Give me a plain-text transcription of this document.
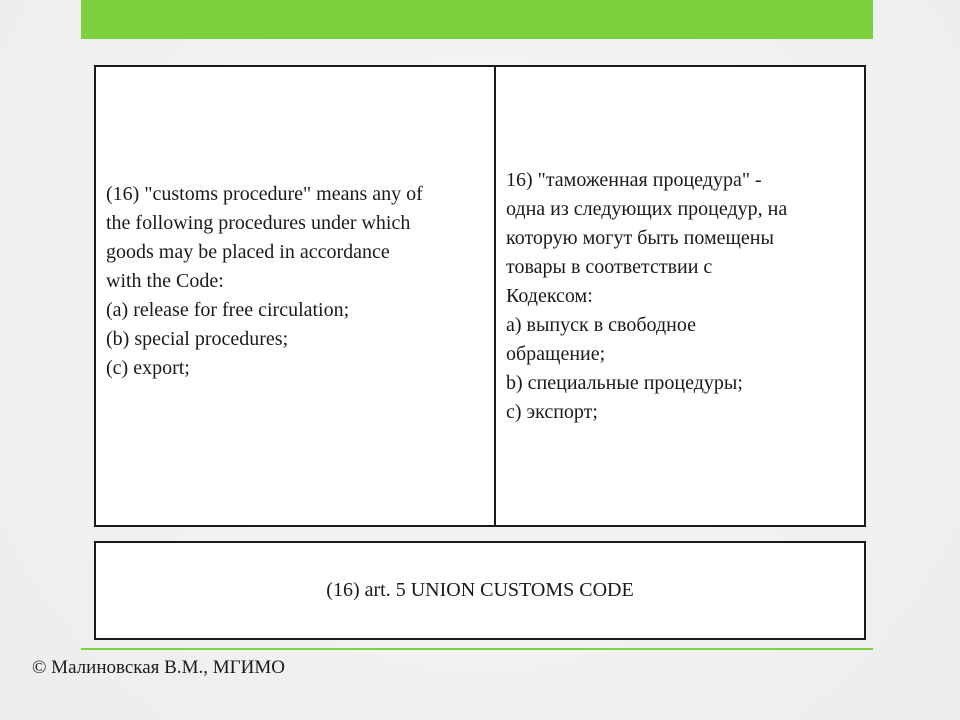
(16) "customs procedure" means any of

the following procedures under which

goods may be placed in accordance

with the Code:

(a) release for free circulation;

(b) special procedures;

(c) export;

16) "таможенная процедура" -

одна из следующих процедур, на

которую могут быть помещены

товары в соответствии с

Кодексом:

а) выпуск в свободное

обращение;

b) специальные процедуры;

c) экспорт;

(16) art. 5 UNION CUSTOMS CODE
© Малиновская В.М., МГИМО
